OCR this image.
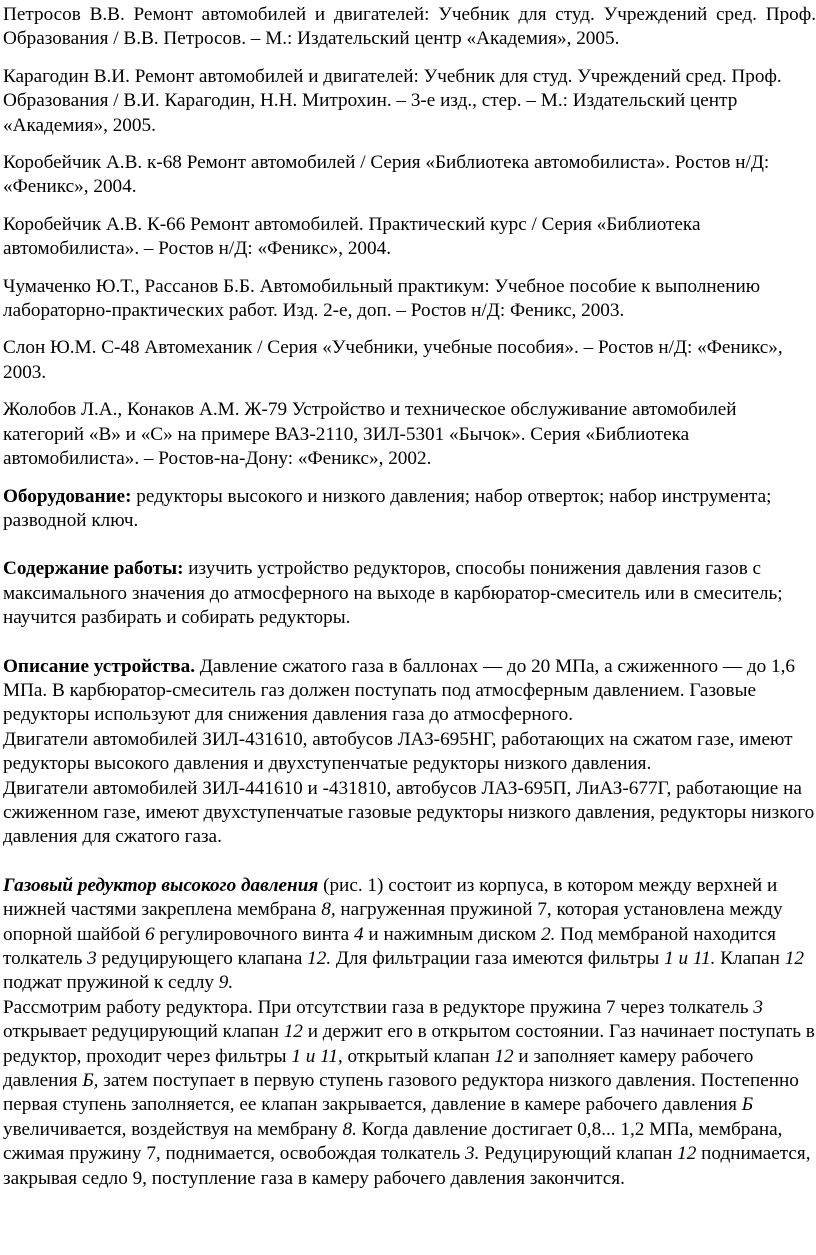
Петросов В.В. Ремонт автомобилей и двигателей: Учебник для студ. Учреждений сред. Проф. Образования / В.В. Петросов. – М.: Издательский центр «Академия», 2005.

Карагодин В.И. Ремонт автомобилей и двигателей: Учебник для студ. Учреждений сред. Проф. Образования / В.И. Карагодин, Н.Н. Митрохин. – 3-е изд., стер. – М.: Издательский центр «Академия», 2005.

Коробейчик А.В. к-68 Ремонт автомобилей / Серия «Библиотека автомобилиста». Ростов н/Д: «Феникс», 2004.

Коробейчик А.В. К-66 Ремонт автомобилей. Практический курс / Серия «Библиотека автомобилиста». – Ростов н/Д: «Феникс», 2004.

Чумаченко Ю.Т., Рассанов Б.Б. Автомобильный практикум: Учебное пособие к выполнению лабораторно-практических работ. Изд. 2-е, доп. – Ростов н/Д: Феникс, 2003.

Слон Ю.М. С-48 Автомеханик / Серия «Учебники, учебные пособия». – Ростов н/Д: «Феникс», 2003.

Жолобов Л.А., Конаков А.М. Ж-79 Устройство и техническое обслуживание автомобилей категорий «В» и «С» на примере ВАЗ-2110, ЗИЛ-5301 «Бычок». Серия «Библиотека автомобилиста». – Ростов-на-Дону: «Феникс», 2002.

Оборудование: редукторы высокого и низкого давления; набор отверток; набор инструмента; разводной ключ.

Содержание работы: изучить устройство редукторов, способы понижения давления газов с максимального значения до атмосферного на выходе в карбюратор-смеситель или в смеситель; научится разбирать и собирать редукторы.

Описание устройства. Давление сжатого газа в баллонах — до 20 МПа, а сжиженного — до 1,6 МПа. В карбюратор-смеситель газ должен поступать под атмосферным давлением. Газовые редукторы используют для снижения давления газа до атмосферного.

Двигатели автомобилей ЗИЛ-431610, автобусов ЛАЗ-695НГ, работающих на сжатом газе, имеют редукторы высокого давления и двухступенчатые редукторы низкого давления.

Двигатели автомобилей ЗИЛ-441610 и -431810, автобусов ЛАЗ-695П, ЛиАЗ-677Г, работающие на сжиженном газе, имеют двухступенчатые газовые редукторы низкого давления, редукторы низкого давления для сжатого газа.

Газовый редуктор высокого давления (рис. 1) состоит из корпуса, в котором между верхней и нижней частями закреплена мембрана 8, нагруженная пружиной 7, которая установлена между опорной шайбой 6 регулировочного винта 4 и нажимным диском 2. Под мембраной находится толкатель 3 редуцирующего клапана 12. Для фильтрации газа имеются фильтры 1 и 11. Клапан 12 поджат пружиной к седлу 9.

Рассмотрим работу редуктора. При отсутствии газа в редукторе пружина 7 через толкатель 3 открывает редуцирующий клапан 12 и держит его в открытом состоянии. Газ начинает поступать в редуктор, проходит через фильтры 1 и 11, открытый клапан 12 и заполняет камеру рабочего давления Б, затем поступает в первую ступень газового редуктора низкого давления. Постепенно первая ступень заполняется, ее клапан закрывается, давление в камере рабочего давления Б увеличивается, воздействуя на мембрану 8. Когда давление достигает 0,8... 1,2 МПа, мембрана, сжимая пружину 7, поднимается, освобождая толкатель 3. Редуцирующий клапан 12 поднимается, закрывая седло 9, поступление газа в камеру рабочего давления закончится.
